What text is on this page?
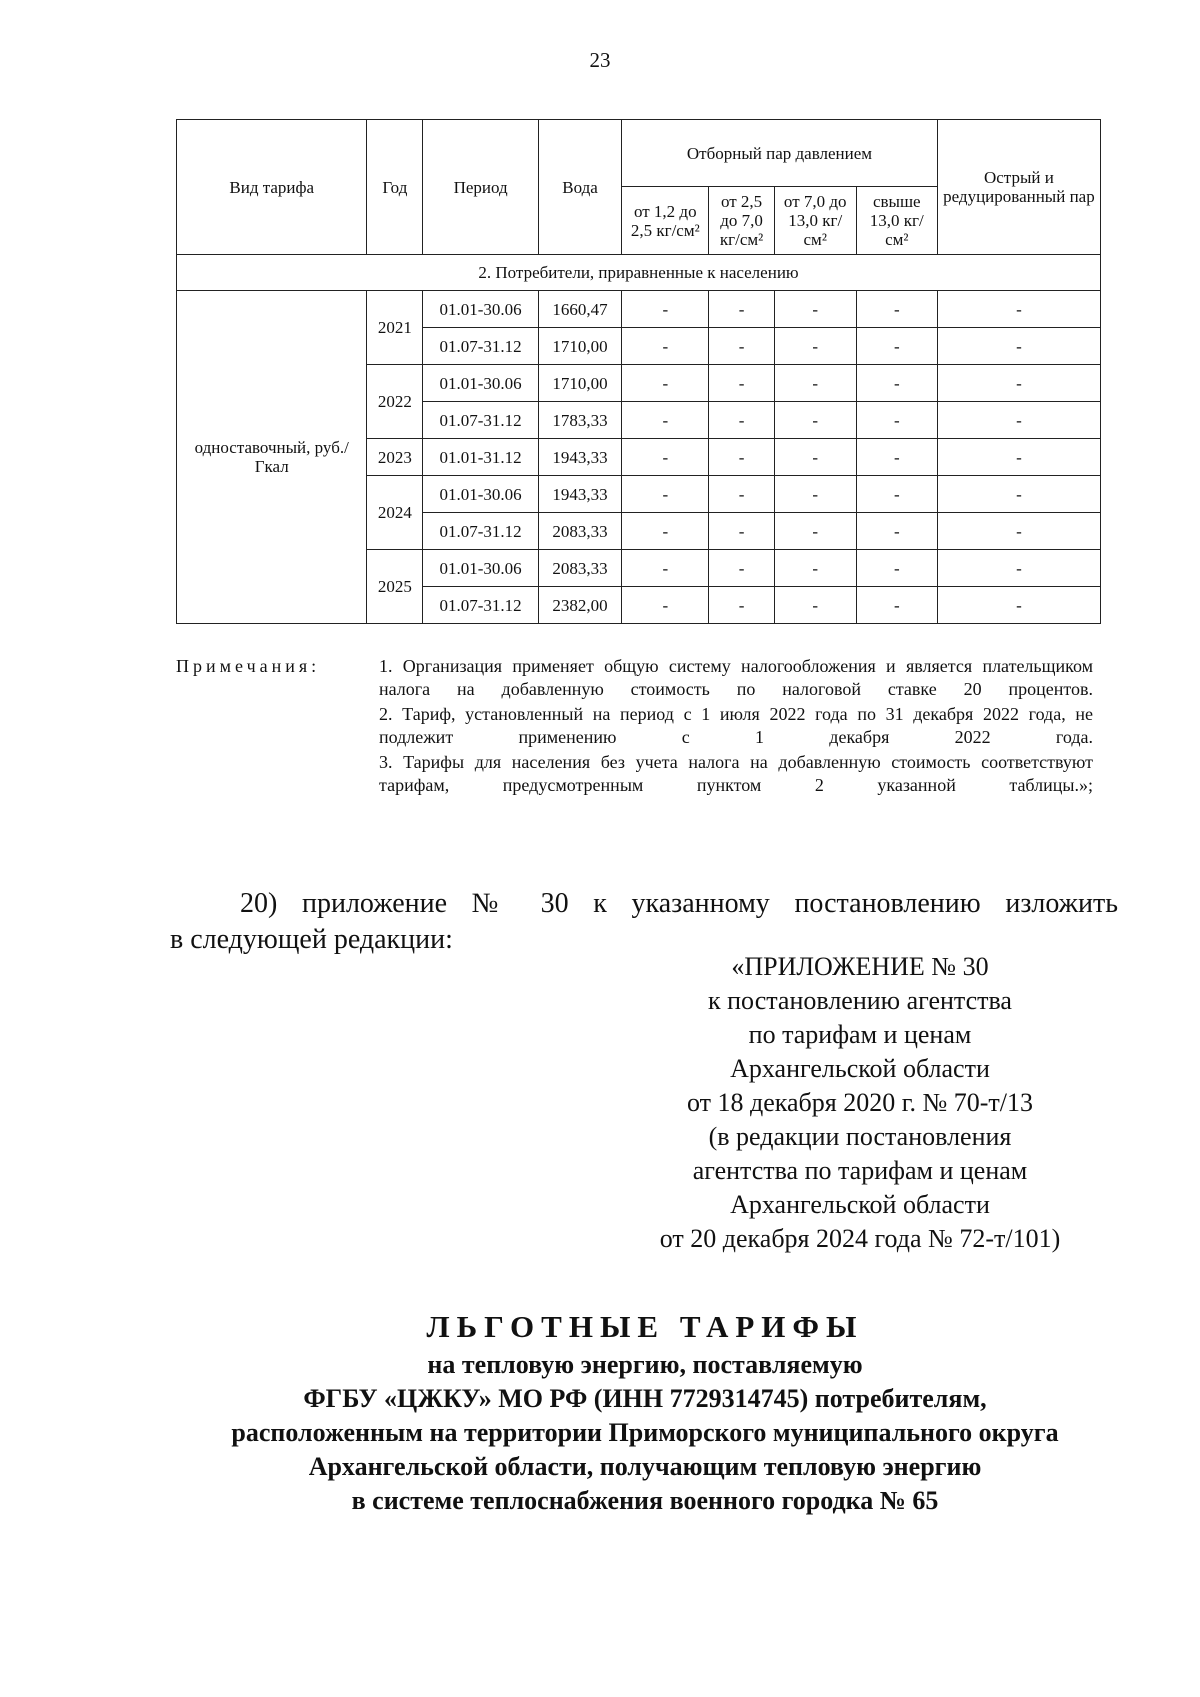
23
Вид тарифа	Год	Период	Вода	Отборный пар давлением				Острый и редуцированный пар
				от 1,2 до 2,5 кг/см²	от 2,5 до 7,0 кг/см²	от 7,0 до 13,0 кг/см²	свыше 13,0 кг/см²	
2. Потребители, приравненные к населению								
одноставочный, руб./Гкал	2021	01.01-30.06	1660,47	-	-	-	-	-
		01.07-31.12	1710,00	-	-	-	-	-
	2022	01.01-30.06	1710,00	-	-	-	-	-
		01.07-31.12	1783,33	-	-	-	-	-
	2023	01.01-31.12	1943,33	-	-	-	-	-
	2024	01.01-30.06	1943,33	-	-	-	-	-
		01.07-31.12	2083,33	-	-	-	-	-
	2025	01.01-30.06	2083,33	-	-	-	-	-
		01.07-31.12	2382,00	-	-	-	-	-
Примечания:	1. Организация применяет общую систему налогообложения и является плательщиком налога на добавленную стоимость по налоговой ставке 20 процентов.

2. Тариф, установленный на период с 1 июля 2022 года по 31 декабря 2022 года, не подлежит применению с 1 декабря 2022 года.

3. Тарифы для населения без учета налога на добавленную стоимость соответствуют тарифам, предусмотренным пунктом 2 указанной таблицы.»;

20) приложение № 30 к указанному постановлению изложить
в следующей редакции:
«ПРИЛОЖЕНИЕ № 30
к постановлению агентства
по тарифам и ценам
Архангельской области
от 18 декабря 2020 г. № 70-т/13
(в редакции постановления
агентства по тарифам и ценам
Архангельской области
от 20 декабря 2024 года № 72-т/101)
ЛЬГОТНЫЕ ТАРИФЫ
на тепловую энергию, поставляемую
ФГБУ «ЦЖКУ» МО РФ (ИНН 7729314745) потребителям,
расположенным на территории Приморского муниципального округа
Архангельской области, получающим тепловую энергию
в системе теплоснабжения военного городка № 65
